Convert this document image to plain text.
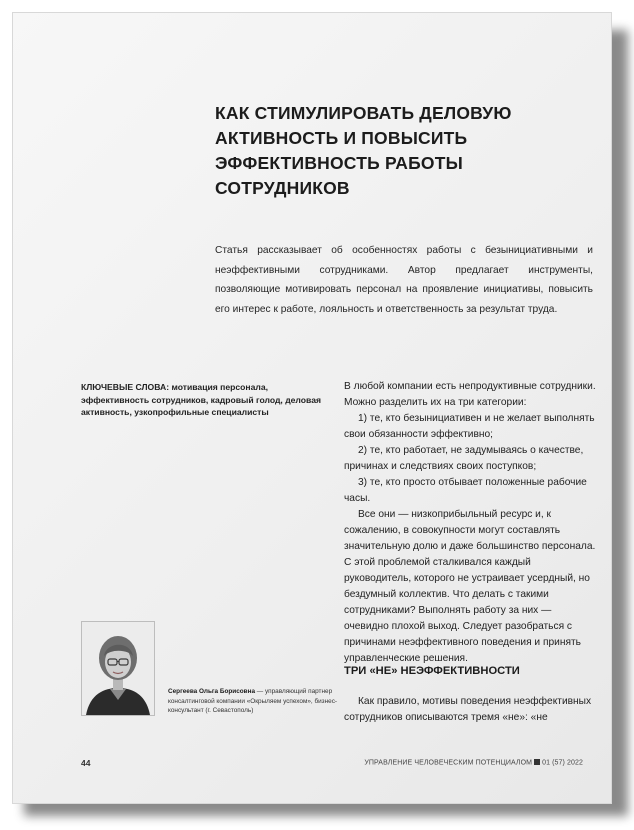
КАК СТИМУЛИРОВАТЬ ДЕЛОВУЮ АКТИВНОСТЬ И ПОВЫСИТЬ ЭФФЕКТИВНОСТЬ РАБОТЫ СОТРУДНИКОВ

Статья рассказывает об особенностях работы с безынициативными и неэффективными сотрудниками. Автор предлагает инструменты, позволяющие мотивировать персонал на проявление инициативы, повысить его интерес к работе, лояльность и ответственность за результат труда.

КЛЮЧЕВЫЕ СЛОВА: мотивация персонала, эффективность сотрудников, кадровый голод, деловая активность, узкопрофильные специалисты

В любой компании есть непродуктивные сотрудники. Можно разделить их на три категории:

1) те, кто безынициативен и не желает выполнять свои обязанности эффективно;

2) те, кто работает, не задумываясь о качестве, причинах и следствиях своих поступков;

3) те, кто просто отбывает положенные рабочие часы.

Все они — низкоприбыльный ресурс и, к сожалению, в совокупности могут составлять значительную долю и даже большинство персонала.

С этой проблемой сталкивался каждый руководитель, которого не устраивает усердный, но бездумный коллектив. Что делать с такими сотрудниками? Выполнять работу за них — очевидно плохой выход. Следует разобраться с причинами неэффективного поведения и принять управленческие решения.

ТРИ «НЕ» НЕЭФФЕКТИВНОСТИ

Как правило, мотивы поведения неэффективных сотрудников описываются тремя «не»: «не

Сергеева Ольга Борисовна — управляющий партнер консалтинговой компании «Окрыляем успехом», бизнес-консультант (г. Севастополь)

44	УПРАВЛЕНИЕ ЧЕЛОВЕЧЕСКИМ ПОТЕНЦИАЛОМ 01 (57) 2022
